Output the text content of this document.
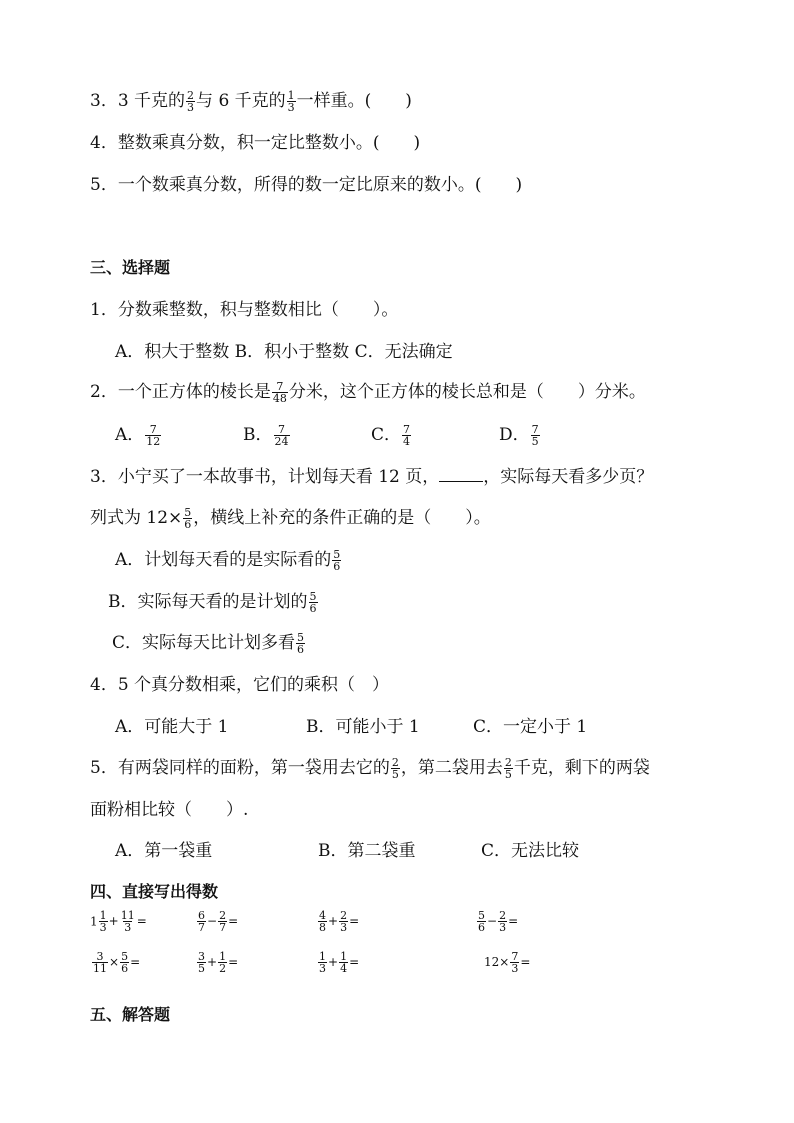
3．3 千克的 $\frac{2}{3}$ 与 6 千克的 $\frac{1}{3}$ 一样重。(　　)
4．整数乘真分数，积一定比整数小。(　　)
5．一个数乘真分数，所得的数一定比原来的数小。(　　)
三、选择题
1．分数乘整数，积与整数相比（　　）。
A．积大于整数 B．积小于整数 C．无法确定
2．一个正方体的棱长是 $\frac{7}{48}$ 分米，这个正方体的棱长总和是（　　）分米。
A． $\frac{7}{12}$	B． $\frac{7}{24}$	C． $\frac{7}{4}$	D． $\frac{7}{5}$
3．小宁买了一本故事书，计划每天看 12 页，	，实际每天看多少页？
列式为 $12\times \frac{5}{6}$ ，横线上补充的条件正确的是（　　）。
A．计划每天看的是实际看的 $\frac{5}{6}$
B．实际每天看的是计划的 $\frac{5}{6}$
C．实际每天比计划多看 $\frac{5}{6}$
4．5 个真分数相乘，它们的乘积（　）
A．可能大于 1	B．可能小于 1	C．一定小于 1
5．有两袋同样的面粉，第一袋用去它的 $\frac{2}{5}$ ，第二袋用去 $\frac{2}{5}$ 千克，剩下的两袋
面粉相比较（　　）.
A．第一袋重	B．第二袋重	C．无法比较
四、直接写出得数
$1 \frac{1}{3} + \frac{11}{3}$ =	$\frac{6}{7} - \frac{2}{7}$ =	$\frac{4}{8} + \frac{2}{3}$ =	$\frac{5}{6} - \frac{2}{3}$ =
$\frac{3}{11} \times \frac{5}{6}$ =	$\frac{3}{5} + \frac{1}{2}$ =	$\frac{1}{3} + \frac{1}{4}$ =	$12\times \frac{7}{3}$ =
五、解答题
